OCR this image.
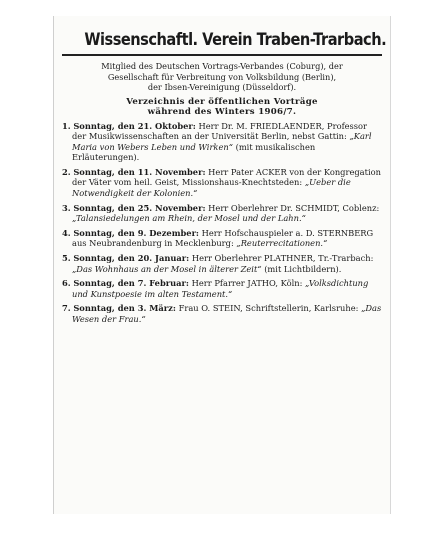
Wissenschaftl. Verein Traben-Trarbach.

Mitglied des Deutschen Vortrags-Verbandes (Coburg), der

Gesellschaft für Verbreitung von Volksbildung (Berlin),

der Ibsen-Vereinigung (Düsseldorf).

Verzeichnis der öffentlichen Vorträge

während des Winters 1906/7.

1. Sonntag, den 21. Oktober: Herr Dr. M. FRIEDLAENDER, Professor der Musikwissenschaften an der Universität Berlin, nebst Gattin: „Karl Maria von Webers Leben und Wirken“ (mit musikalischen Erläuterungen).

2. Sonntag, den 11. November: Herr Pater ACKER von der Kongregation der Väter vom heil. Geist, Missionshaus-Knechtsteden: „Ueber die Notwendigkeit der Kolonien.“

3. Sonntag, den 25. November: Herr Oberlehrer Dr. SCHMIDT, Coblenz: „Talansiedelungen am Rhein, der Mosel und der Lahn.“

4. Sonntag, den 9. Dezember: Herr Hofschauspieler a. D. STERNBERG aus Neubrandenburg in Mecklenburg: „Reuterrecitationen.“

5. Sonntag, den 20. Januar: Herr Oberlehrer PLATHNER, Tr.-Trarbach: „Das Wohnhaus an der Mosel in älterer Zeit“ (mit Lichtbildern).

6. Sonntag, den 7. Februar: Herr Pfarrer JATHO, Köln: „Volksdichtung und Kunstpoesie im alten Testament.“

7. Sonntag, den 3. März: Frau O. STEIN, Schriftstellerin, Karlsruhe: „Das Wesen der Frau.“
